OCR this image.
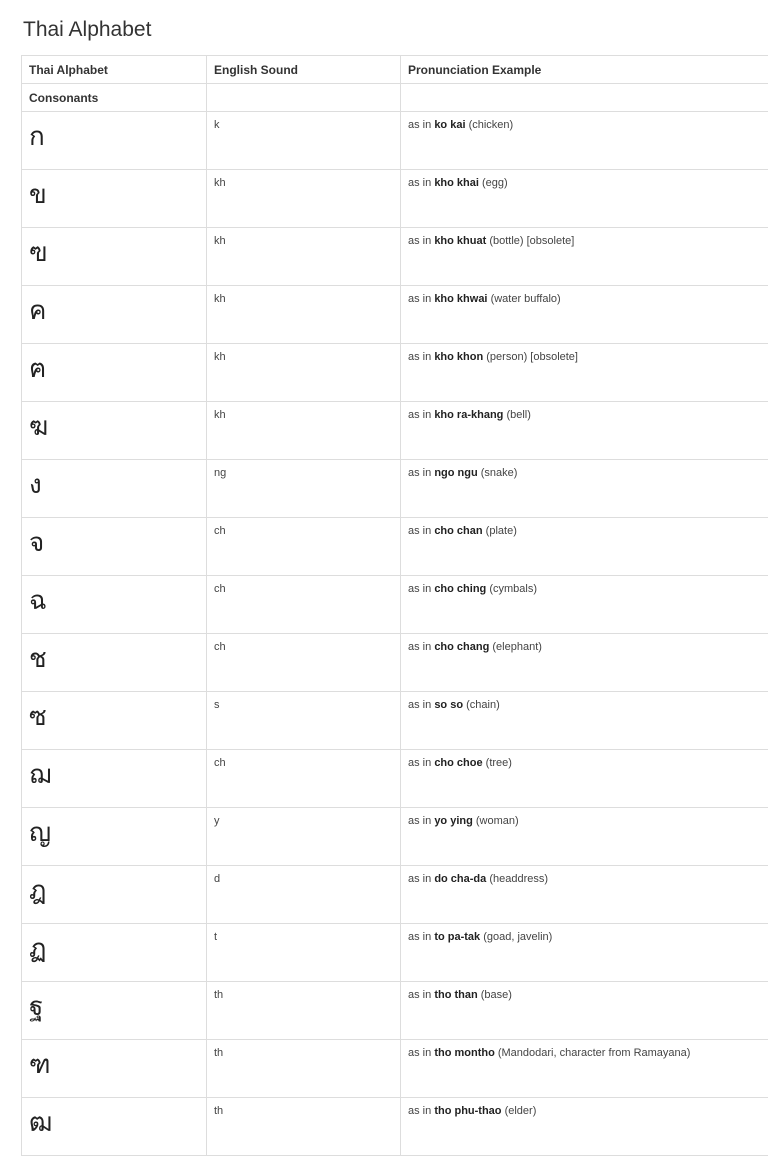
Thai Alphabet
Thai Alphabet	English Sound	Pronunciation Example
Consonants		
ก	k	as in ko kai (chicken)
ข	kh	as in kho khai (egg)
ฃ	kh	as in kho khuat (bottle) [obsolete]
ค	kh	as in kho khwai (water buffalo)
ฅ	kh	as in kho khon (person) [obsolete]
ฆ	kh	as in kho ra-khang (bell)
ง	ng	as in ngo ngu (snake)
จ	ch	as in cho chan (plate)
ฉ	ch	as in cho ching (cymbals)
ช	ch	as in cho chang (elephant)
ซ	s	as in so so (chain)
ฌ	ch	as in cho choe (tree)
ญ	y	as in yo ying (woman)
ฎ	d	as in do cha-da (headdress)
ฏ	t	as in to pa-tak (goad, javelin)
ฐ	th	as in tho than (base)
ฑ	th	as in tho montho (Mandodari, character from Ramayana)
ฒ	th	as in tho phu-thao (elder)
